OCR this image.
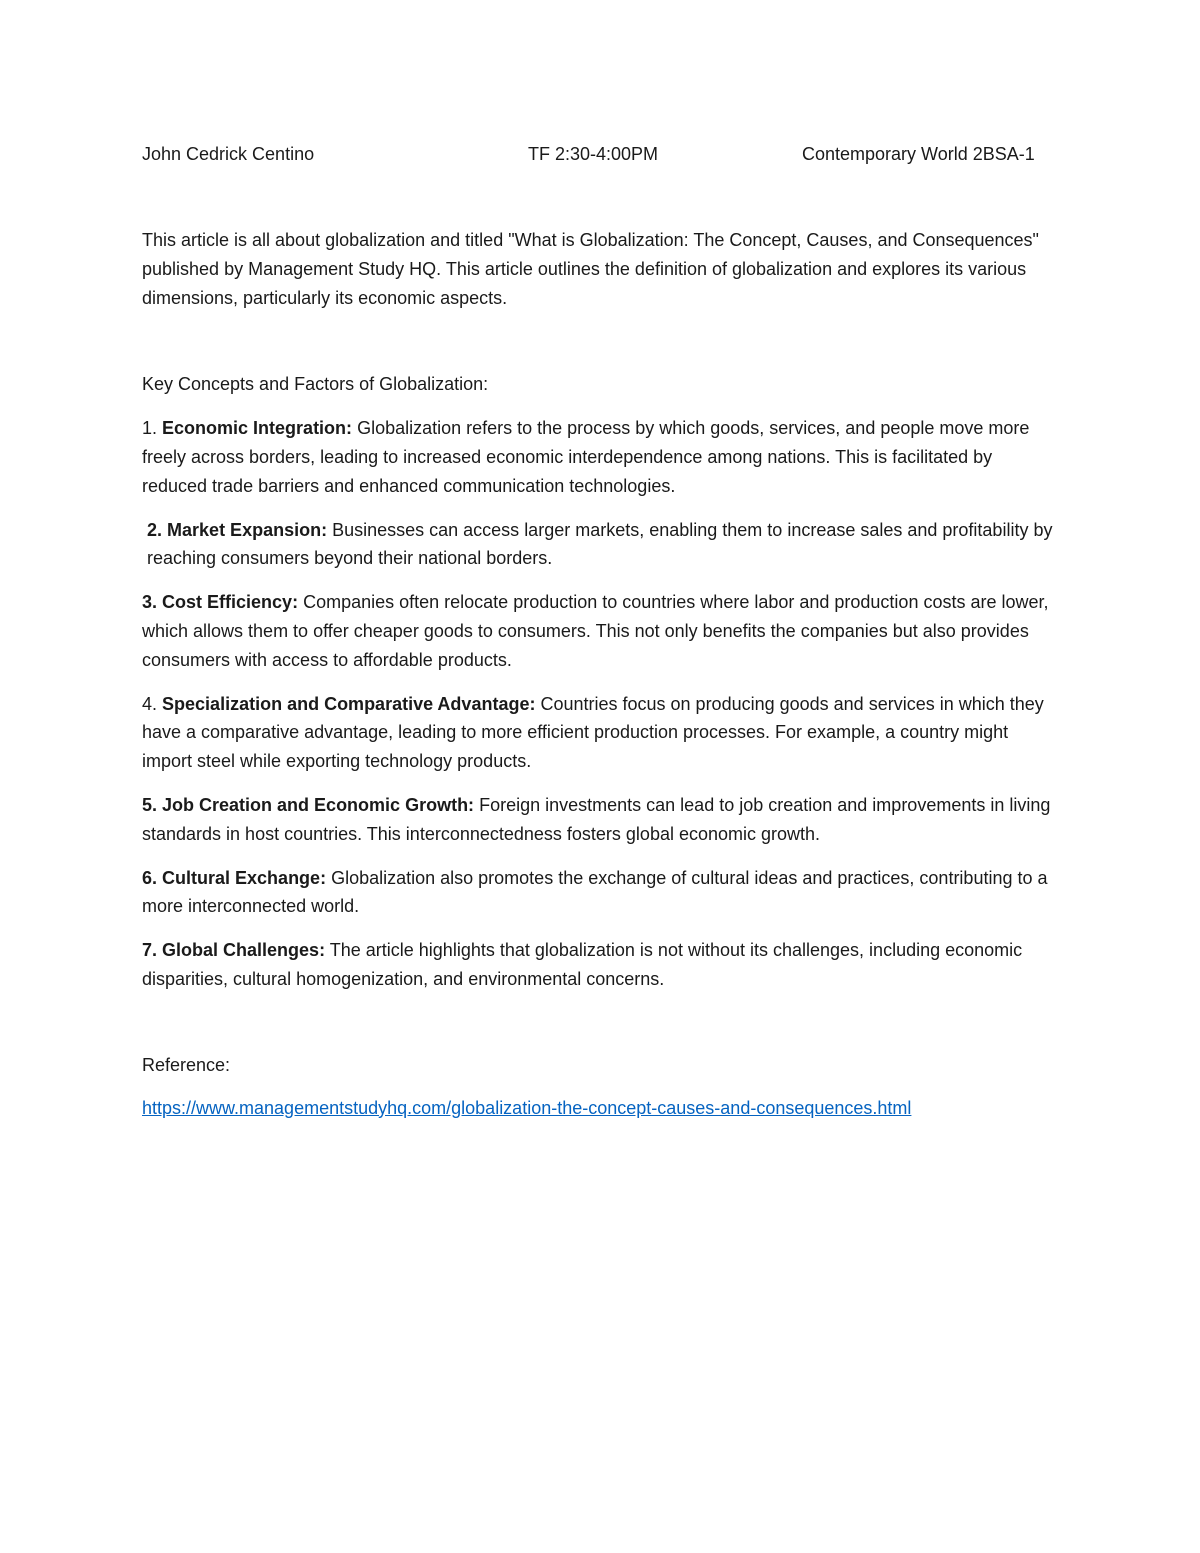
John Cedrick Centino	TF 2:30-4:00PM	Contemporary World 2BSA-1

This article is all about globalization and titled "What is Globalization: The Concept, Causes, and Consequences" published by Management Study HQ. This article outlines the definition of globalization and explores its various dimensions, particularly its economic aspects.

Key Concepts and Factors of Globalization:

1. Economic Integration: Globalization refers to the process by which goods, services, and people move more freely across borders, leading to increased economic interdependence among nations. This is facilitated by reduced trade barriers and enhanced communication technologies.

2. Market Expansion: Businesses can access larger markets, enabling them to increase sales and profitability by reaching consumers beyond their national borders.

3. Cost Efficiency: Companies often relocate production to countries where labor and production costs are lower, which allows them to offer cheaper goods to consumers. This not only benefits the companies but also provides consumers with access to affordable products.

4. Specialization and Comparative Advantage: Countries focus on producing goods and services in which they have a comparative advantage, leading to more efficient production processes. For example, a country might import steel while exporting technology products.

5. Job Creation and Economic Growth: Foreign investments can lead to job creation and improvements in living standards in host countries. This interconnectedness fosters global economic growth.

6. Cultural Exchange: Globalization also promotes the exchange of cultural ideas and practices, contributing to a more interconnected world.

7. Global Challenges: The article highlights that globalization is not without its challenges, including economic disparities, cultural homogenization, and environmental concerns.

Reference:

https://www.managementstudyhq.com/globalization-the-concept-causes-and-consequences.html
